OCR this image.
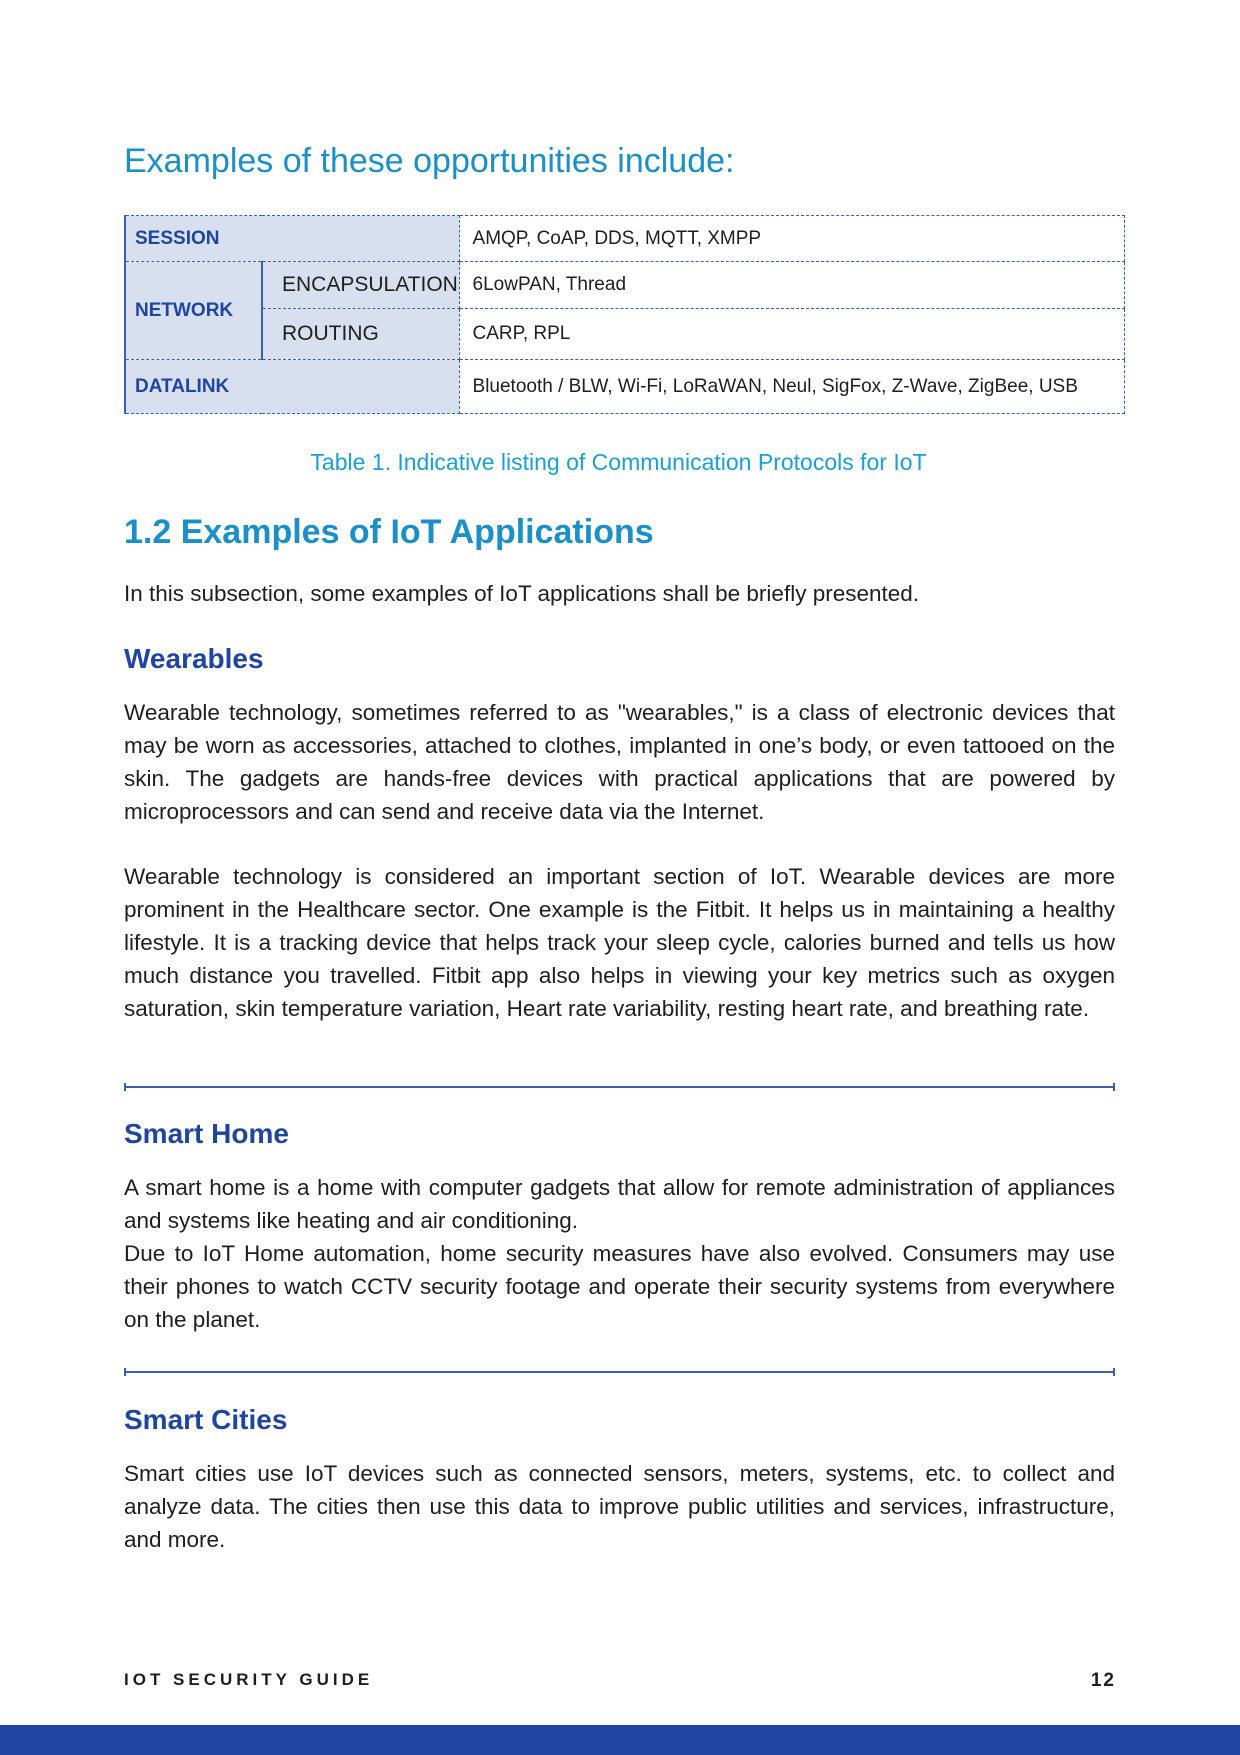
Examples of these opportunities include:
SESSION		AMQP, CoAP, DDS, MQTT, XMPP
NETWORK	ENCAPSULATION	6LowPAN, Thread
	ROUTING	CARP, RPL
DATALINK		Bluetooth / BLW, Wi-Fi, LoRaWAN, Neul, SigFox, Z-Wave, ZigBee, USB
Table 1. Indicative listing of Communication Protocols for IoT
1.2 Examples of IoT Applications

In this subsection, some examples of IoT applications shall be briefly presented.

Wearables

Wearable technology, sometimes referred to as "wearables," is a class of electronic devices that may be worn as accessories, attached to clothes, implanted in one’s body, or even tattooed on the skin. The gadgets are hands-free devices with practical applications that are powered by microprocessors and can send and receive data via the Internet.

Wearable technology is considered an important section of IoT. Wearable devices are more prominent in the Healthcare sector. One example is the Fitbit. It helps us in maintaining a healthy lifestyle. It is a tracking device that helps track your sleep cycle, calories burned and tells us how much distance you travelled. Fitbit app also helps in viewing your key metrics such as oxygen saturation, skin temperature variation, Heart rate variability, resting heart rate, and breathing rate.

Smart Home

A smart home is a home with computer gadgets that allow for remote administration of appliances and systems like heating and air conditioning.

Due to IoT Home automation, home security measures have also evolved. Consumers may use their phones to watch CCTV security footage and operate their security systems from everywhere on the planet.

Smart Cities

Smart cities use IoT devices such as connected sensors, meters, systems, etc. to collect and analyze data. The cities then use this data to improve public utilities and services, infrastructure, and more.

IOT SECURITY GUIDE	12
